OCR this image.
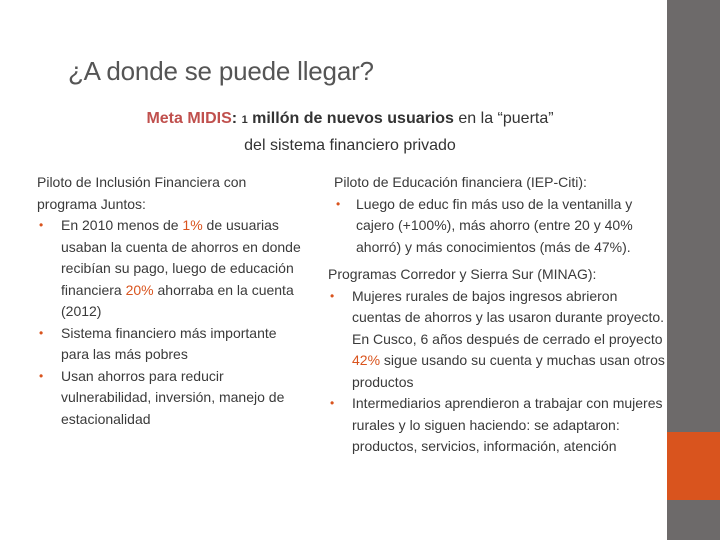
¿A donde se puede llegar?
Meta MIDIS: 1 millón de nuevos usuarios en la “puerta”
del sistema financiero privado

Piloto de Inclusión Financiera con programa Juntos:

• En 2010 menos de 1% de usuarias usaban la cuenta de ahorros en donde recibían su pago, luego de educación financiera 20% ahorraba en la cuenta (2012)
• Sistema financiero más importante para las más pobres
• Usan ahorros para reducir vulnerabilidad, inversión, manejo de estacionalidad

Piloto de Educación financiera (IEP-Citi):

• Luego de educ fin más uso de la ventanilla y cajero (+100%), más ahorro (entre 20 y 40% ahorró) y más conocimientos (más de 47%).

Programas Corredor y Sierra Sur (MINAG):

• Mujeres rurales de bajos ingresos abrieron cuentas de ahorros y las usaron durante proyecto. En Cusco, 6 años después de cerrado el proyecto 42% sigue usando su cuenta y muchas usan otros productos
• Intermediarios aprendieron a trabajar con mujeres rurales y lo siguen haciendo: se adaptaron: productos, servicios, información, atención
